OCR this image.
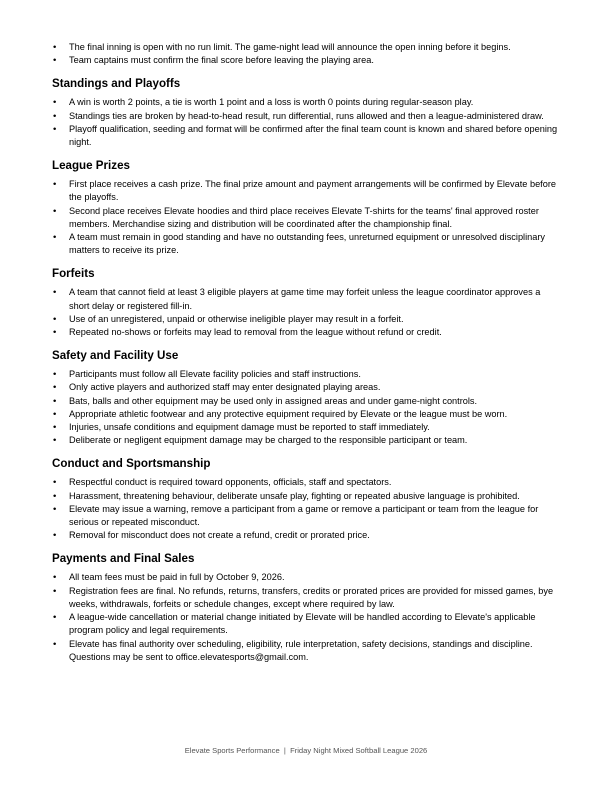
• The final inning is open with no run limit. The game-night lead will announce the open inning before it begins.
• Team captains must confirm the final score before leaving the playing area.
Standings and Playoffs
• A win is worth 2 points, a tie is worth 1 point and a loss is worth 0 points during regular-season play.
• Standings ties are broken by head-to-head result, run differential, runs allowed and then a league-administered draw.
• Playoff qualification, seeding and format will be confirmed after the final team count is known and shared before opening night.
League Prizes
• First place receives a cash prize. The final prize amount and payment arrangements will be confirmed by Elevate before the playoffs.
• Second place receives Elevate hoodies and third place receives Elevate T-shirts for the teams' final approved roster members. Merchandise sizing and distribution will be coordinated after the championship final.
• A team must remain in good standing and have no outstanding fees, unreturned equipment or unresolved disciplinary matters to receive its prize.
Forfeits
• A team that cannot field at least 3 eligible players at game time may forfeit unless the league coordinator approves a short delay or registered fill-in.
• Use of an unregistered, unpaid or otherwise ineligible player may result in a forfeit.
• Repeated no-shows or forfeits may lead to removal from the league without refund or credit.
Safety and Facility Use
• Participants must follow all Elevate facility policies and staff instructions.
• Only active players and authorized staff may enter designated playing areas.
• Bats, balls and other equipment may be used only in assigned areas and under game-night controls.
• Appropriate athletic footwear and any protective equipment required by Elevate or the league must be worn.
• Injuries, unsafe conditions and equipment damage must be reported to staff immediately.
• Deliberate or negligent equipment damage may be charged to the responsible participant or team.
Conduct and Sportsmanship
• Respectful conduct is required toward opponents, officials, staff and spectators.
• Harassment, threatening behaviour, deliberate unsafe play, fighting or repeated abusive language is prohibited.
• Elevate may issue a warning, remove a participant from a game or remove a participant or team from the league for serious or repeated misconduct.
• Removal for misconduct does not create a refund, credit or prorated price.
Payments and Final Sales
• All team fees must be paid in full by October 9, 2026.
• Registration fees are final. No refunds, returns, transfers, credits or prorated prices are provided for missed games, bye weeks, withdrawals, forfeits or schedule changes, except where required by law.
• A league-wide cancellation or material change initiated by Elevate will be handled according to Elevate's applicable program policy and legal requirements.
• Elevate has final authority over scheduling, eligibility, rule interpretation, safety decisions, standings and discipline. Questions may be sent to office.elevatesports@gmail.com.
Elevate Sports Performance  |  Friday Night Mixed Softball League 2026
